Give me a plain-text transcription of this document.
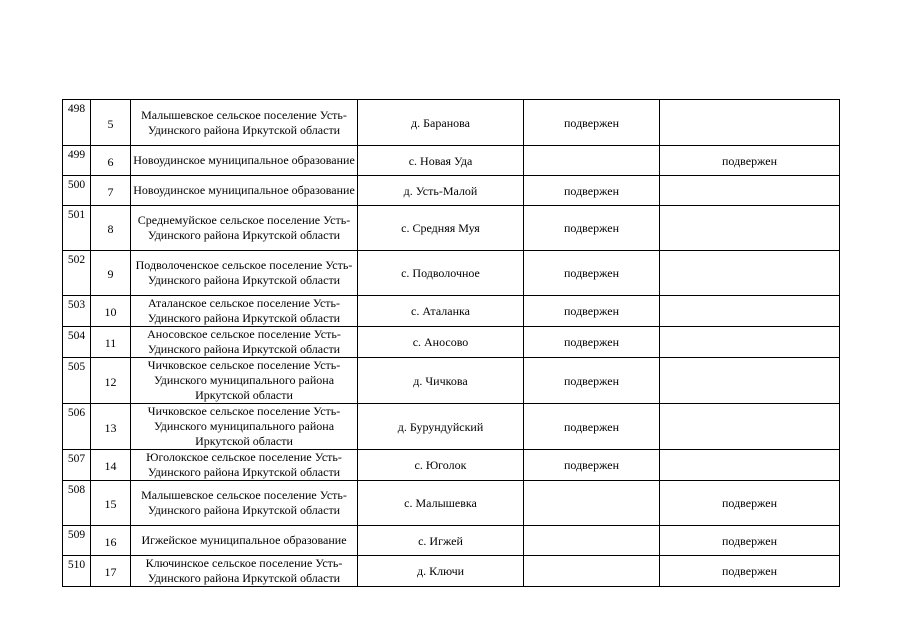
498	5	Малышевское сельское поселение Усть-Удинского района Иркутской области	д. Баранова	подвержен	
499	6	Новоудинское муниципальное образование	с. Новая Уда		подвержен
500	7	Новоудинское муниципальное образование	д. Усть-Малой	подвержен	
501	8	Среднемуйское сельское поселение Усть-Удинского района Иркутской области	с. Средняя Муя	подвержен	
502	9	Подволоченское сельское поселение Усть-Удинского района Иркутской области	с. Подволочное	подвержен	
503	10	Аталанское сельское поселение Усть-Удинского района Иркутской области	с. Аталанка	подвержен	
504	11	Аносовское сельское поселение Усть-Удинского района Иркутской области	с. Аносово	подвержен	
505	12	Чичковское сельское поселение Усть-Удинского муниципального района Иркутской области	д. Чичкова	подвержен	
506	13	Чичковское сельское поселение Усть-Удинского муниципального района Иркутской области	д. Бурундуйский	подвержен	
507	14	Юголокское сельское поселение Усть-Удинского района Иркутской области	с. Юголок	подвержен	
508	15	Малышевское сельское поселение Усть-Удинского района Иркутской области	с. Малышевка		подвержен
509	16	Игжейское муниципальное образование	с. Игжей		подвержен
510	17	Ключинское сельское поселение Усть-Удинского района Иркутской области	д. Ключи		подвержен
